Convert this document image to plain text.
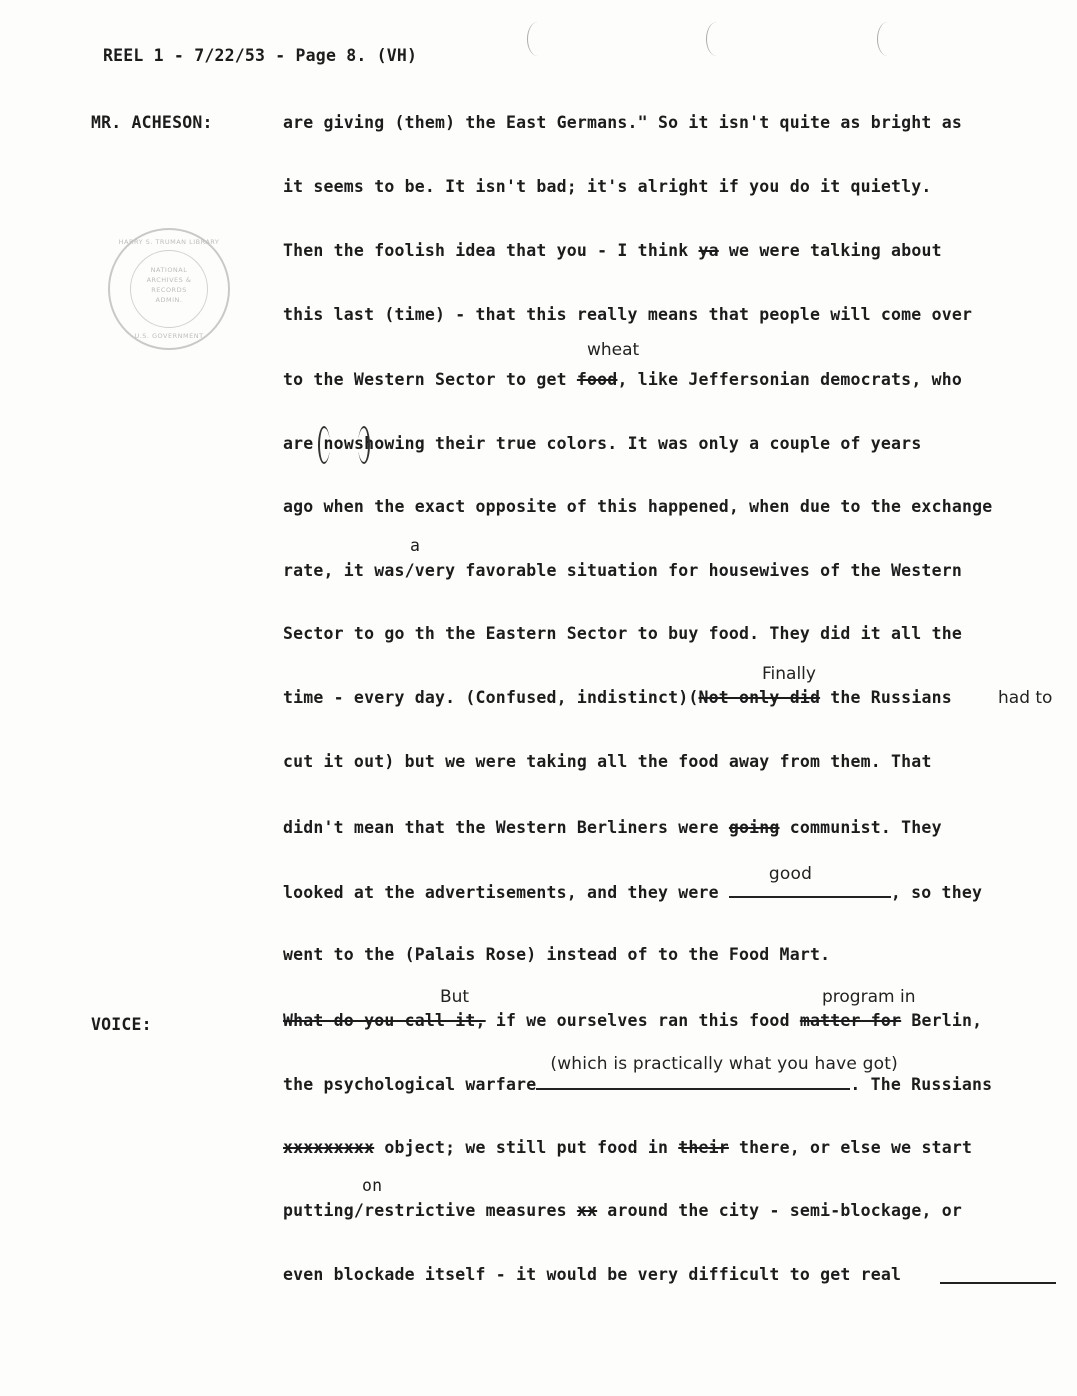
REEL 1 - 7/22/53 - Page 8. (VH)
HARRY S. TRUMAN LIBRARY
NATIONAL
ARCHIVES &
RECORDS
ADMIN.
U.S. GOVERNMENT
MR. ACHESON:
VOICE:
are giving (them) the East Germans." So it isn't quite as bright as
it seems to be. It isn't bad; it's alright if you do it quietly.
Then the foolish idea that you - I think ya we were talking about
this last (time) - that this really means that people will come over
wheat
to the Western Sector to get food, like Jeffersonian democrats, who
are nowshowing their true colors. It was only a couple of years
ago when the exact opposite of this happened, when due to the exchange
a
rate, it was/very favorable situation for housewives of the Western
Sector to go th the Eastern Sector to buy food. They did it all the
Finally
time - every day. (Confused, indistinct)(Not only did the Russians	had to
cut it out) but we were taking all the food away from them. That
didn't mean that the Western Berliners were going communist. They
looked at the advertisements, and they were
good
, so they
went to the (Palais Rose) instead of to the Food Mart.
But	program in
What do you call it, if we ourselves ran this food matter for Berlin,
the psychological warfare
(which is practically what you have got)
. The Russians
xxxxxxxxx object; we still put food in their there, or else we start
on
putting/restrictive measures xx around the city - semi-blockage, or
even blockade itself - it would be very difficult to get real
